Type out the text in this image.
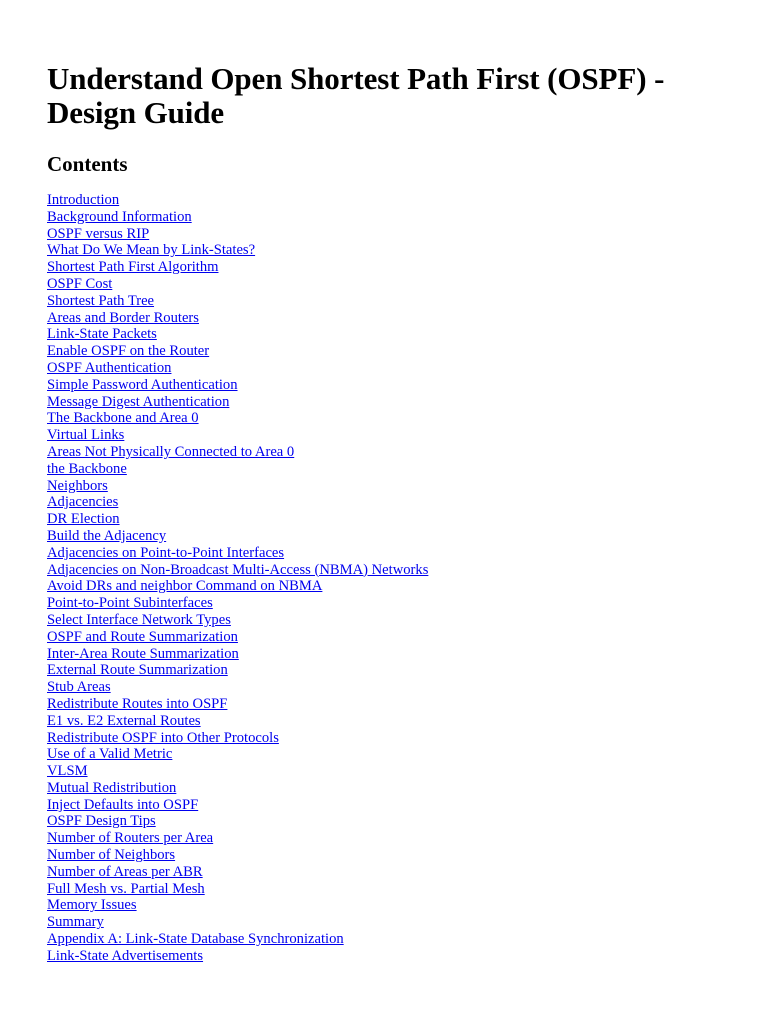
Understand Open Shortest Path First (OSPF) -
Design Guide
Contents
Introduction
Background Information
OSPF versus RIP
What Do We Mean by Link-States?
Shortest Path First Algorithm
OSPF Cost
Shortest Path Tree
Areas and Border Routers
Link-State Packets
Enable OSPF on the Router
OSPF Authentication
Simple Password Authentication
Message Digest Authentication
The Backbone and Area 0
Virtual Links
Areas Not Physically Connected to Area 0
the Backbone
Neighbors
Adjacencies
DR Election
Build the Adjacency
Adjacencies on Point-to-Point Interfaces
Adjacencies on Non-Broadcast Multi-Access (NBMA) Networks
Avoid DRs and neighbor Command on NBMA
Point-to-Point Subinterfaces
Select Interface Network Types
OSPF and Route Summarization
Inter-Area Route Summarization
External Route Summarization
Stub Areas
Redistribute Routes into OSPF
E1 vs. E2 External Routes
Redistribute OSPF into Other Protocols
Use of a Valid Metric
VLSM
Mutual Redistribution
Inject Defaults into OSPF
OSPF Design Tips
Number of Routers per Area
Number of Neighbors
Number of Areas per ABR
Full Mesh vs. Partial Mesh
Memory Issues
Summary
Appendix A: Link-State Database Synchronization
Link-State Advertisements
